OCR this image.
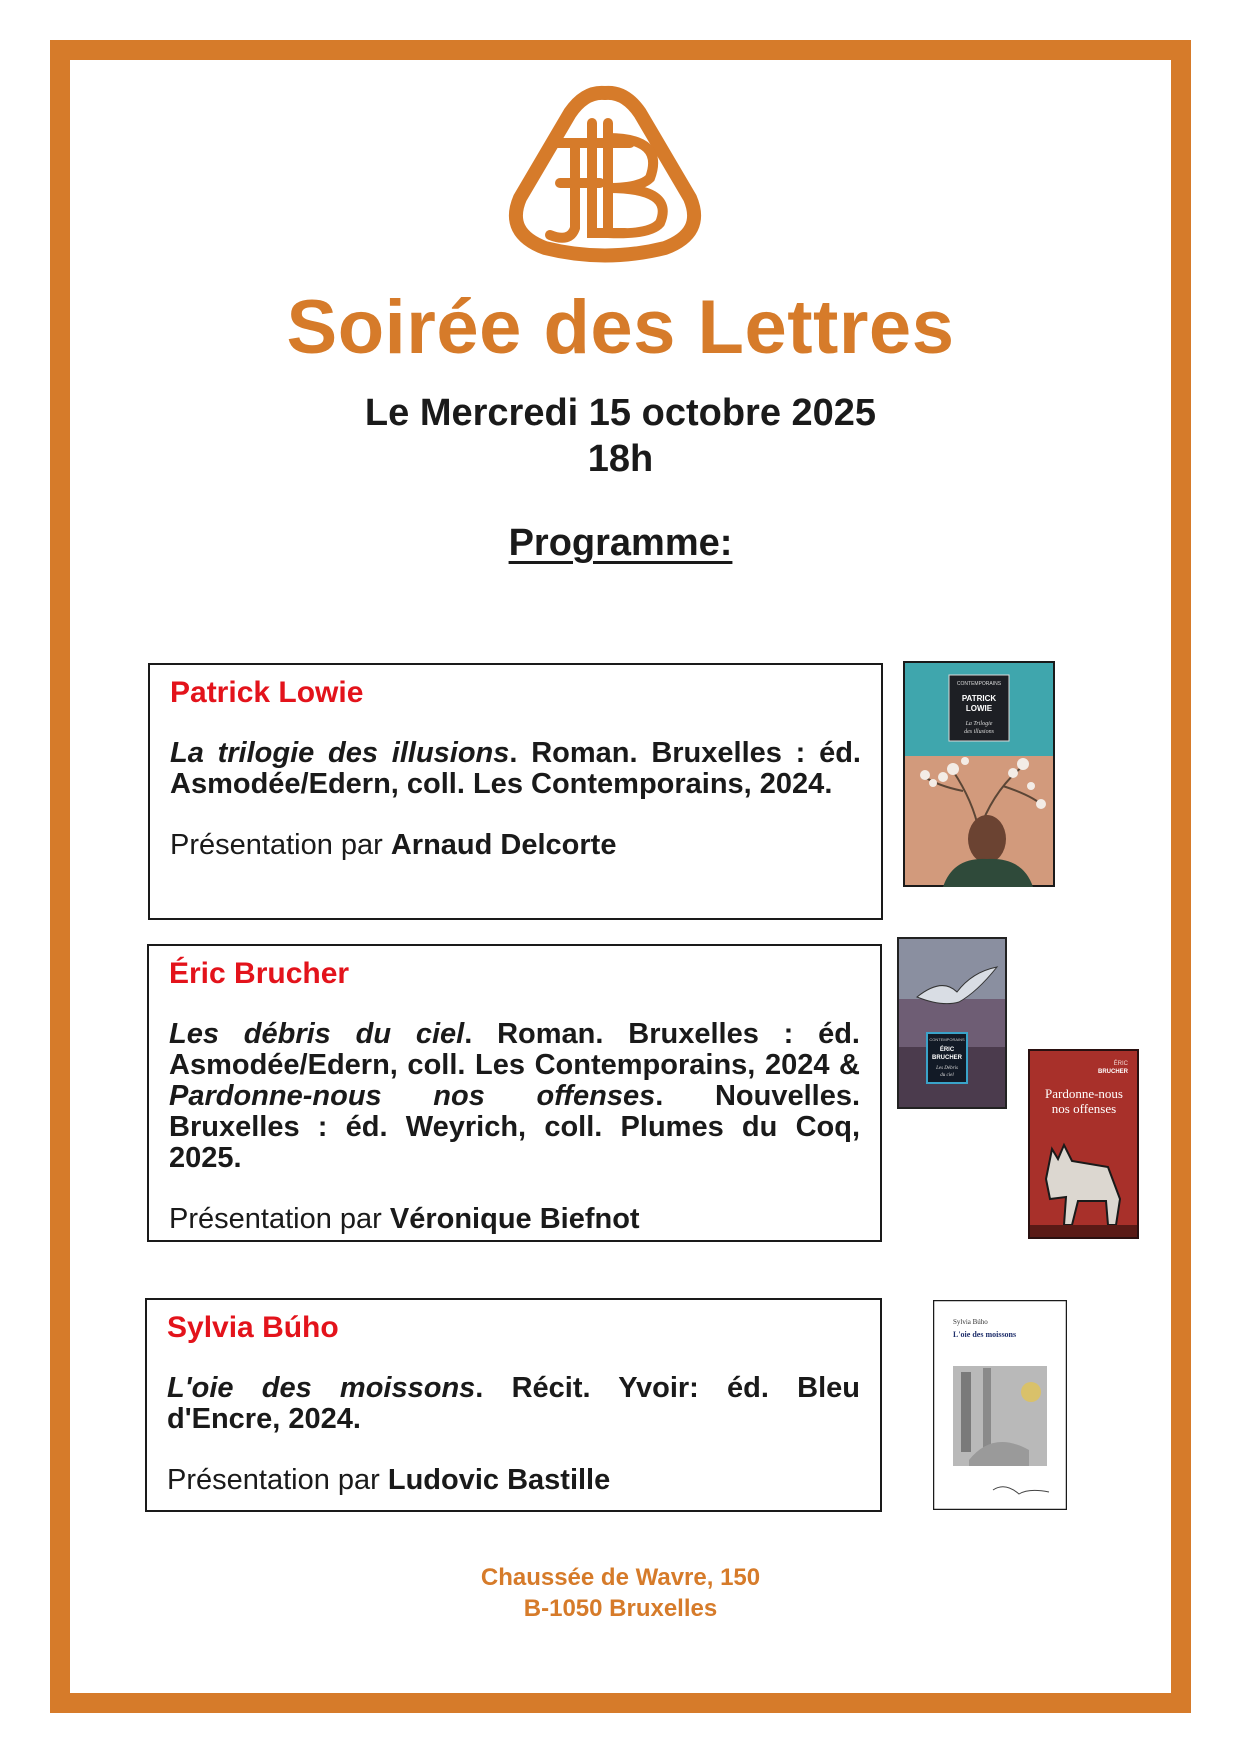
Soirée des Lettres
Le Mercredi 15 octobre 2025
18h
Programme:

Patrick Lowie

La trilogie des illusions. Roman. Bruxelles : éd. Asmodée/Edern, coll. Les Contemporains, 2024.

Présentation par Arnaud Delcorte

Éric Brucher

Les débris du ciel. Roman. Bruxelles : éd. Asmodée/Edern, coll. Les Contemporains, 2024 & Pardonne-nous nos offenses. Nouvelles. Bruxelles : éd. Weyrich, coll. Plumes du Coq, 2025.

Présentation par Véronique Biefnot

Sylvia Búho

L'oie des moissons. Récit. Yvoir: éd. Bleu d'Encre, 2024.

Présentation par Ludovic Bastille

CONTEMPORAINS
PATRICK
LOWIE
La Trilogie
des illusions
CONTEMPORAINS
ÉRIC
BRUCHER
Les Débris
du ciel
ÉRIC
BRUCHER
Pardonne-nous
nos offenses
Sylvia Búho
L'oie des moissons
Chaussée de Wavre, 150
B-1050 Bruxelles
